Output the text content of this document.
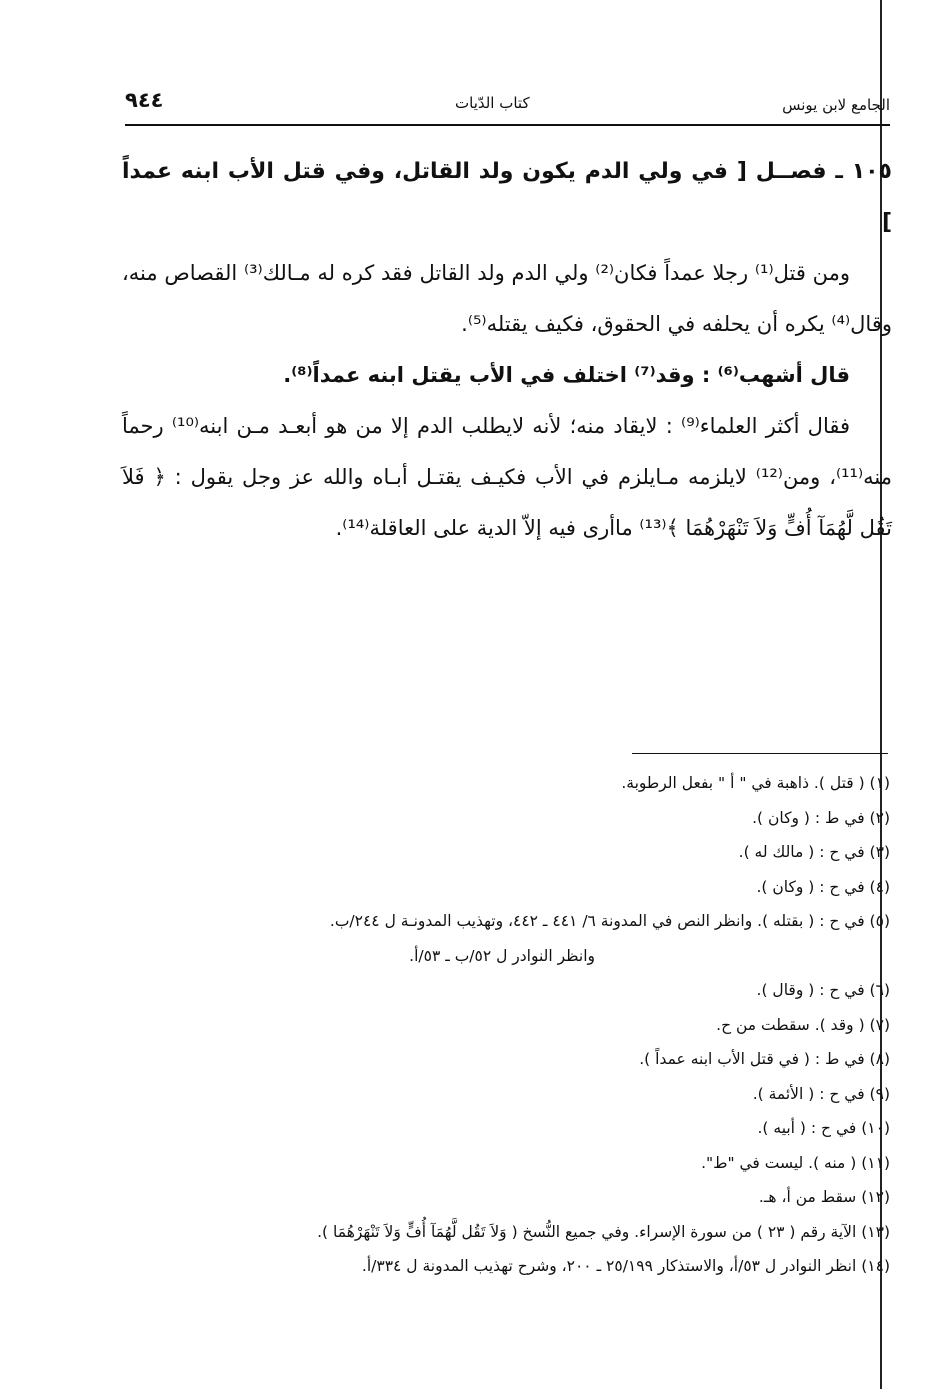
الجامع لابن يونس
كتاب الدّيات
٩٤٤

١٠٥ ـ فصــل [ في ولي الدم يكون ولد القاتل، وفي قتل الأب ابنه عمداً ]

ومن قتل⁽¹⁾ رجلا عمداً فكان⁽²⁾ ولي الدم ولد القاتل فقد كره له مـالك⁽³⁾ القصاص منه، وقال⁽⁴⁾ يكره أن يحلفه في الحقوق، فكيف يقتله⁽⁵⁾.

قال أشهب⁽⁶⁾ : وقد⁽⁷⁾ اختلف في الأب يقتل ابنه عمداً⁽⁸⁾.

فقال أكثر العلماء⁽⁹⁾ : لايقاد منه؛ لأنه لايطلب الدم إلا من هو أبعـد مـن ابنه⁽¹⁰⁾ رحماً منه⁽¹¹⁾، ومن⁽¹²⁾ لايلزمه مـايلزم في الأب فكيـف يقتـل أبـاه والله عز وجل يقول : ﴿ فَلاَ تَقُل لَّهُمَآ أُفٍّ وَلاَ تَنْهَرْهُمَا ﴾⁽¹³⁾ ماأرى فيه إلاّ الدية على العاقلة⁽¹⁴⁾.

(١) ( قتل ). ذاهبة في " أ " بفعل الرطوبة.
(٢) في ط : ( وكان ).
(٣) في ح : ( مالك له ).
(٤) في ح : ( وكان ).
(٥) في ح : ( بقتله ). وانظر النص في المدونة ٦/ ٤٤١ ـ ٤٤٢، وتهذيب المدونـة ل ٢٤٤/ب.
وانظر النوادر ل ٥٢/ب ـ ٥٣/أ.
(٦) في ح : ( وقال ).
(٧) ( وقد ). سقطت من ح.
(٨) في ط : ( في قتل الأب ابنه عمداً ).
(٩) في ح : ( الأئمة ).
(١٠) في ح : ( أبيه ).
(١١) ( منه ). ليست في "ط".
(١٢) سقط من أ، هـ.
(١٣) الآية رقم ( ٢٣ ) من سورة الإسراء. وفي جميع النُّسخ ( وَلاَ تَقُل لَّهُمَآ أُفٍّ وَلاَ تَنْهَرْهُمَا ).
(١٤) انظر النوادر ل ٥٣/أ، والاستذكار ٢٥/١٩٩ ـ ٢٠٠، وشرح تهذيب المدونة ل ٣٣٤/أ.
